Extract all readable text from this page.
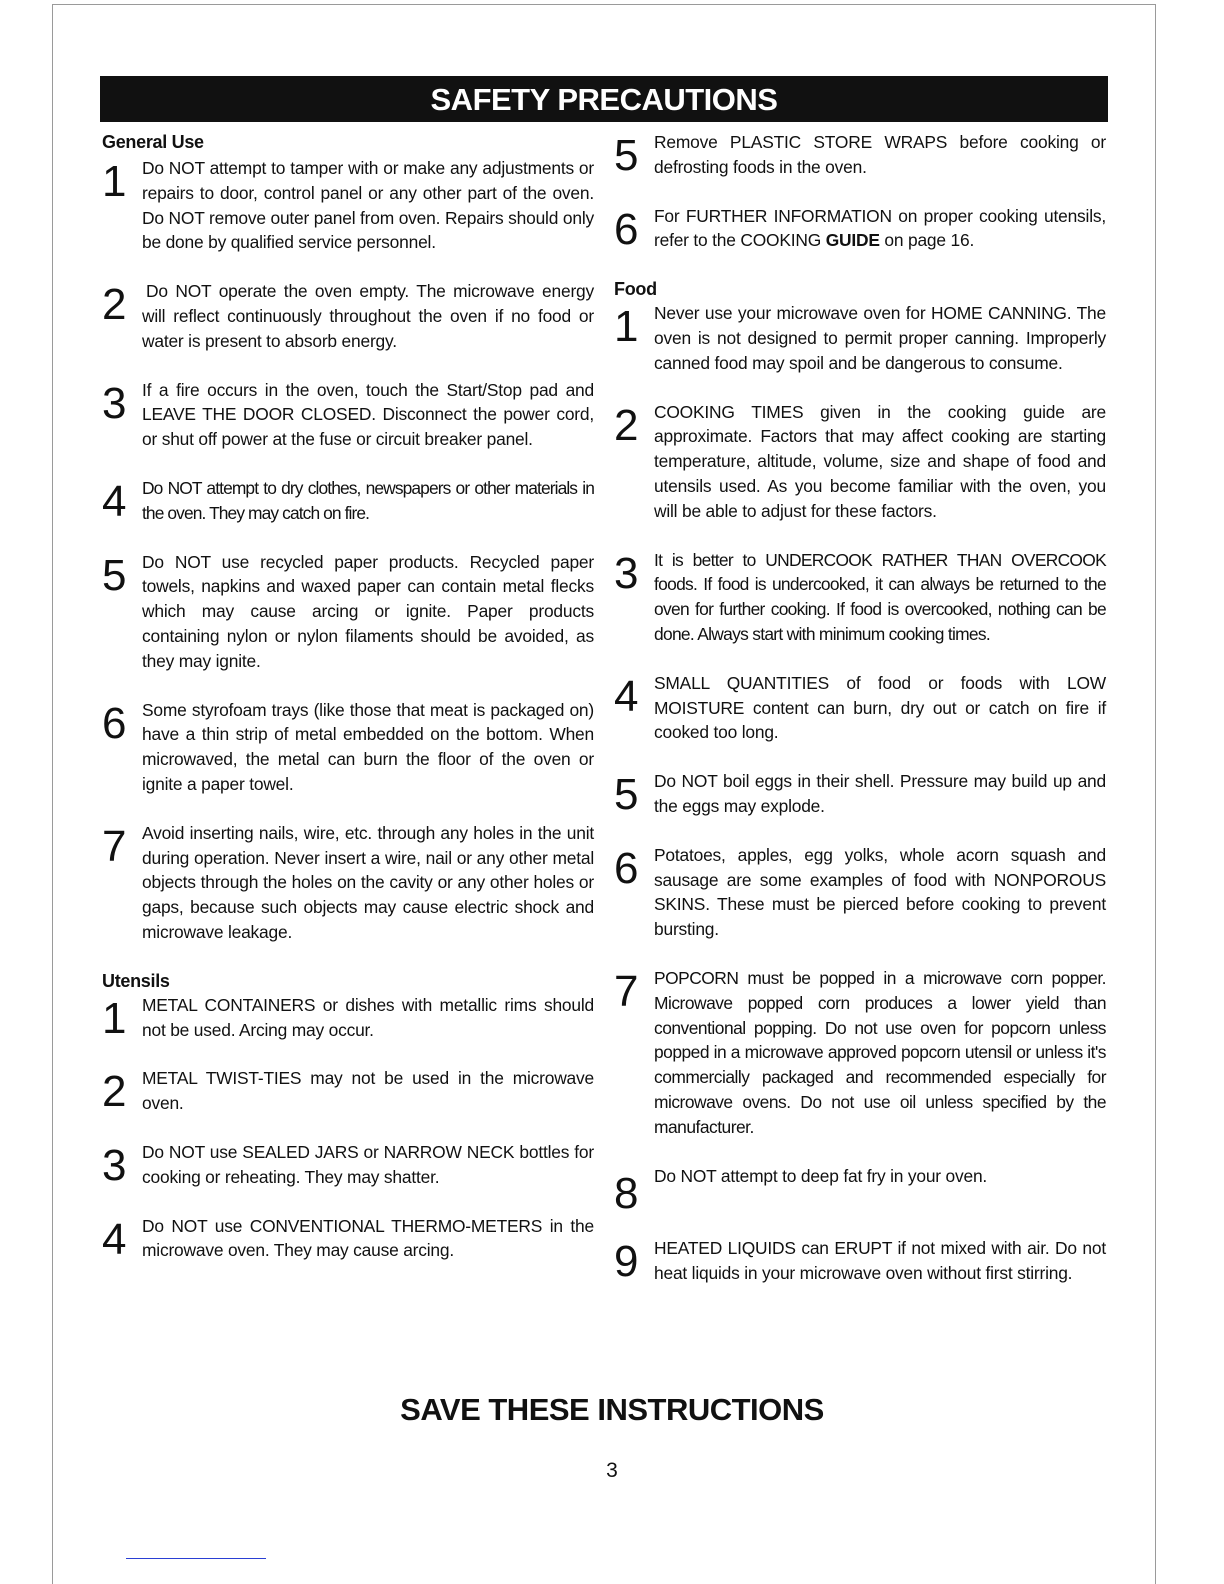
SAFETY PRECAUTIONS
General Use
1 Do NOT attempt to tamper with or make any adjustments or repairs to door, control panel or any other part of the oven. Do NOT remove outer panel from oven. Repairs should only be done by qualified service personnel.
2	Do NOT operate the oven empty. The microwave energy will reflect continuously throughout the oven if no food or water is present to absorb energy.
3 If a fire occurs in the oven, touch the Start/Stop pad and LEAVE THE DOOR CLOSED. Disconnect the power cord, or shut off power at the fuse or circuit breaker panel.
4 Do NOT attempt to dry clothes, newspapers or other materials in the oven. They may catch on fire.
5 Do NOT use recycled paper products. Recycled paper towels, napkins and waxed paper can contain metal flecks which may cause arcing or ignite. Paper products containing nylon or nylon filaments should be avoided, as they may ignite.
6 Some styrofoam trays (like those that meat is packaged on) have a thin strip of metal embedded on the bottom. When microwaved, the metal can burn the floor of the oven or ignite a paper towel.
7 Avoid inserting nails, wire, etc. through any holes in the unit during operation. Never insert a wire, nail or any other metal objects through the holes on the cavity or any other holes or gaps, because such objects may cause electric shock and microwave leakage.
Utensils
1 METAL CONTAINERS or dishes with metallic rims should not be used. Arcing may occur.
2 METAL TWIST-TIES may not be used in the microwave oven.
3 Do NOT use SEALED JARS or NARROW NECK bottles for cooking or reheating. They may shatter.
4 Do NOT use CONVENTIONAL THERMO-METERS in the microwave oven. They may cause arcing.
5 Remove PLASTIC STORE WRAPS before cooking or defrosting foods in the oven.
6 For FURTHER INFORMATION on proper cooking utensils, refer to the COOKING GUIDE on page 16.
Food
1 Never use your microwave oven for HOME CANNING. The oven is not designed to permit proper canning. Improperly canned food may spoil and be dangerous to consume.
2 COOKING TIMES given in the cooking guide are approximate. Factors that may affect cooking are starting temperature, altitude, volume, size and shape of food and utensils used. As you become familiar with the oven, you will be able to adjust for these factors.
3 It is better to UNDERCOOK RATHER THAN OVERCOOK foods. If food is undercooked, it can always be returned to the oven for further cooking. If food is overcooked, nothing can be done. Always start with minimum cooking times.
4 SMALL QUANTITIES of food or foods with LOW MOISTURE content can burn, dry out or catch on fire if cooked too long.
5 Do NOT boil eggs in their shell. Pressure may build up and the eggs may explode.
6 Potatoes, apples, egg yolks, whole acorn squash and sausage are some examples of food with NONPOROUS SKINS. These must be pierced before cooking to prevent bursting.
7 POPCORN must be popped in a microwave corn popper. Microwave popped corn produces a lower yield than conventional popping. Do not use oven for popcorn unless popped in a microwave approved popcorn utensil or unless it's commercially packaged and recommended especially for microwave ovens. Do not use oil unless specified by the manufacturer.
8 Do NOT attempt to deep fat fry in your oven.
9 HEATED LIQUIDS can ERUPT if not mixed with air. Do not heat liquids in your microwave oven without first stirring.
SAVE THESE INSTRUCTIONS
3
